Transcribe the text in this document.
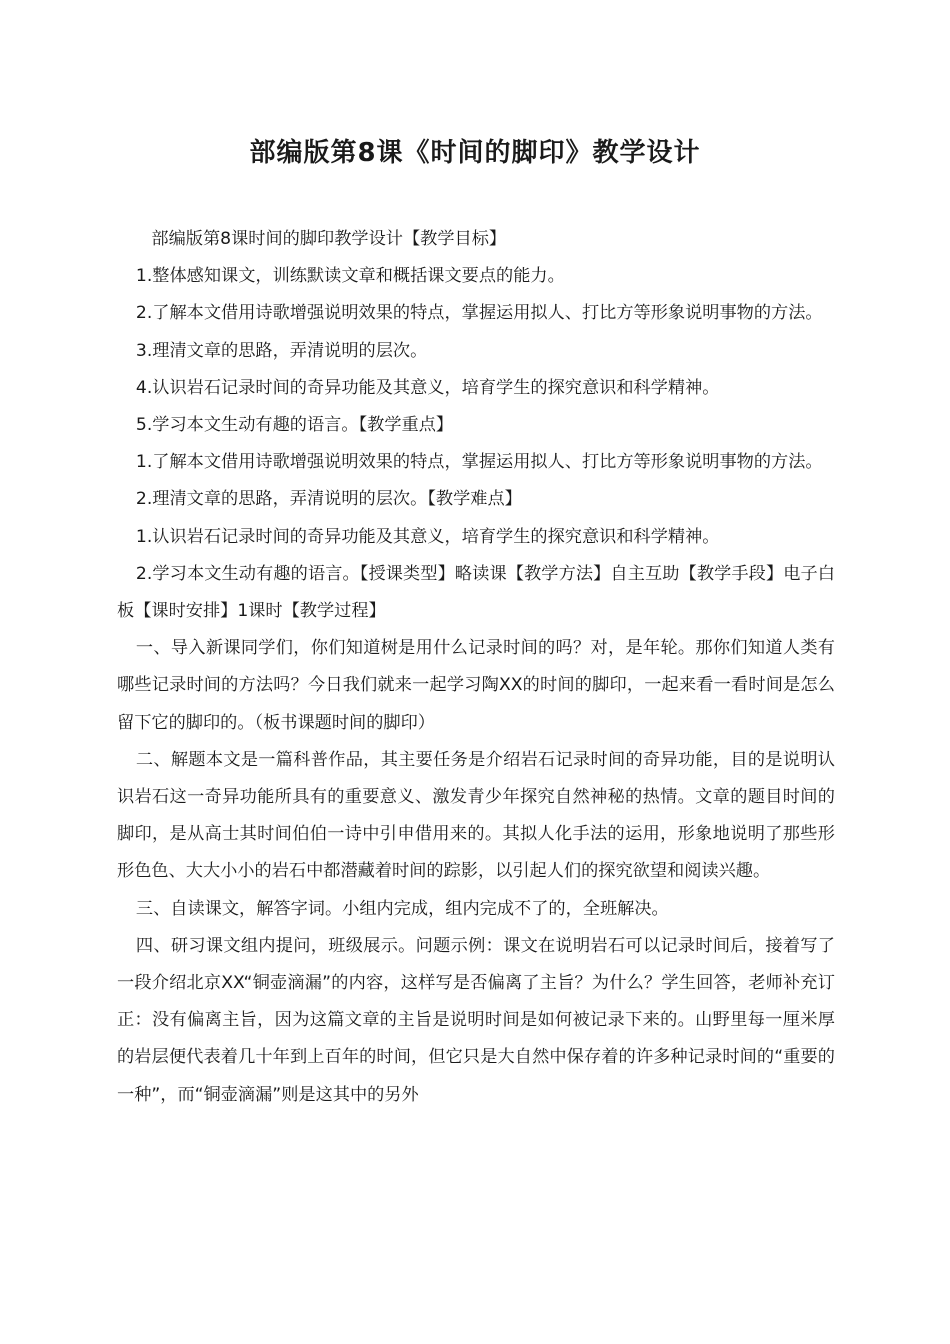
部编版第8课《时间的脚印》教学设计

部编版第8课时间的脚印教学设计【教学目标】

1.整体感知课文，训练默读文章和概括课文要点的能力。

2.了解本文借用诗歌增强说明效果的特点，掌握运用拟人、打比方等形象说明事物的方法。

3.理清文章的思路，弄清说明的层次。

4.认识岩石记录时间的奇异功能及其意义，培育学生的探究意识和科学精神。

5.学习本文生动有趣的语言。【教学重点】

1.了解本文借用诗歌增强说明效果的特点，掌握运用拟人、打比方等形象说明事物的方法。

2.理清文章的思路，弄清说明的层次。【教学难点】

1.认识岩石记录时间的奇异功能及其意义，培育学生的探究意识和科学精神。

2.学习本文生动有趣的语言。【授课类型】略读课【教学方法】自主互助【教学手段】电子白板【课时安排】1课时【教学过程】

一、导入新课同学们，你们知道树是用什么记录时间的吗？对，是年轮。那你们知道人类有哪些记录时间的方法吗？今日我们就来一起学习陶XX的时间的脚印，一起来看一看时间是怎么留下它的脚印的。（板书课题时间的脚印）

二、解题本文是一篇科普作品，其主要任务是介绍岩石记录时间的奇异功能，目的是说明认识岩石这一奇异功能所具有的重要意义、激发青少年探究自然神秘的热情。文章的题目时间的脚印，是从高士其时间伯伯一诗中引申借用来的。其拟人化手法的运用，形象地说明了那些形形色色、大大小小的岩石中都潜藏着时间的踪影，以引起人们的探究欲望和阅读兴趣。

三、自读课文，解答字词。小组内完成，组内完成不了的，全班解决。

四、研习课文组内提问，班级展示。问题示例：课文在说明岩石可以记录时间后，接着写了一段介绍北京XX“铜壶滴漏”的内容，这样写是否偏离了主旨？为什么？学生回答，老师补充订正：没有偏离主旨，因为这篇文章的主旨是说明时间是如何被记录下来的。山野里每一厘米厚的岩层便代表着几十年到上百年的时间，但它只是大自然中保存着的许多种记录时间的“重要的一种”，而“铜壶滴漏”则是这其中的另外
